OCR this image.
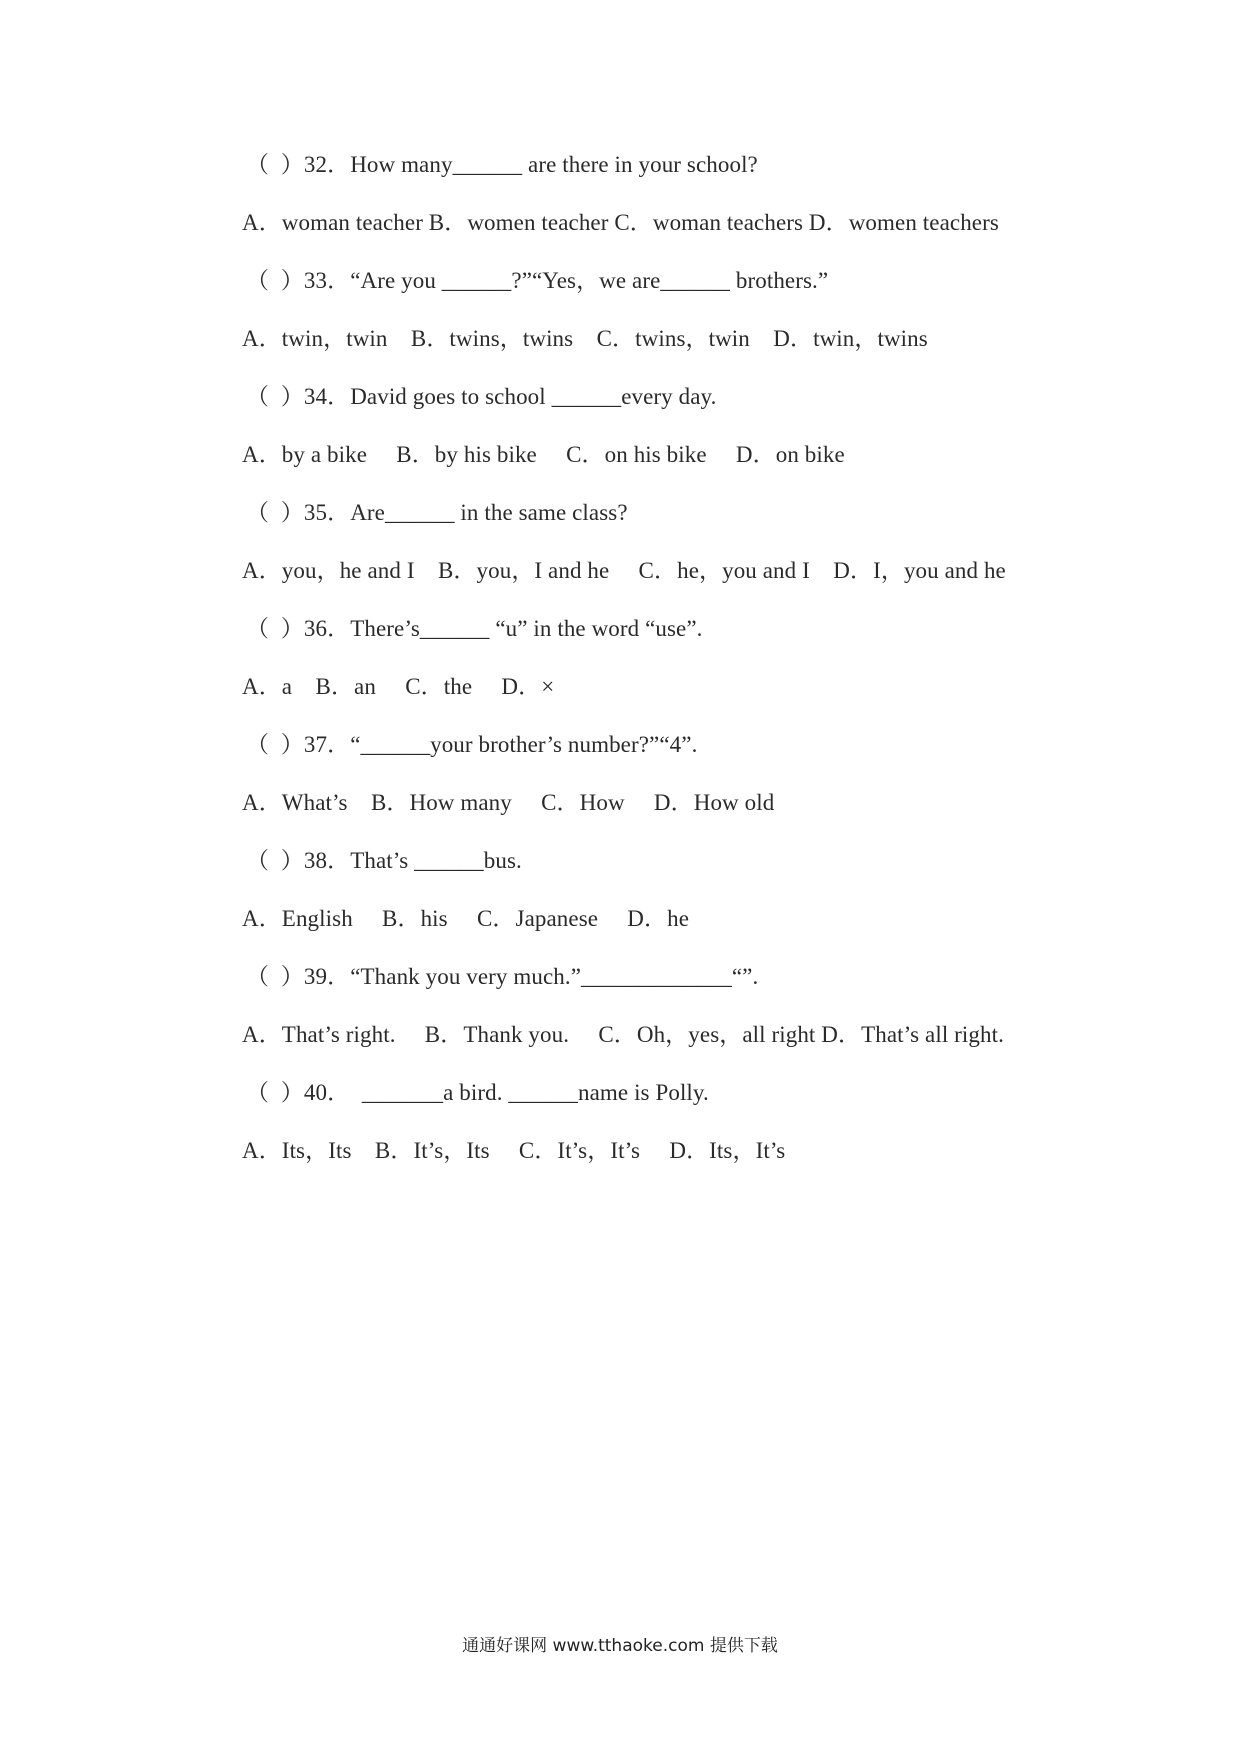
（  ）32．How many______ are there in your school?
A．woman teacher B．women teacher C．woman teachers D．women teachers
（  ）33．“Are you ______?”“Yes，we are______ brothers.”
A．twin，twin    B．twins，twins    C．twins，twin    D．twin，twins
（  ）34．David goes to school ______every day.
A．by a bike     B．by his bike     C．on his bike     D．on bike
（  ）35．Are______ in the same class?
A．you，he and I    B．you，I and he     C．he，you and I    D．I，you and he
（  ）36．There’s______ “u” in the word “use”.
A．a    B．an     C．the     D．×
（  ）37．“______your brother’s number?”“4”.
A．What’s    B．How many     C．How     D．How old
（  ）38．That’s ______bus.
A．English     B．his     C．Japanese     D．he
（  ）39．“Thank you very much.”_____________“”.
A．That’s right.     B．Thank you.     C．Oh，yes，all right D．That’s all right.
（  ）40．  _______a bird. ______name is Polly.
A．Its，Its    B．It’s，Its     C．It’s，It’s     D．Its，It’s
通通好课网 www.tthaoke.com 提供下载
